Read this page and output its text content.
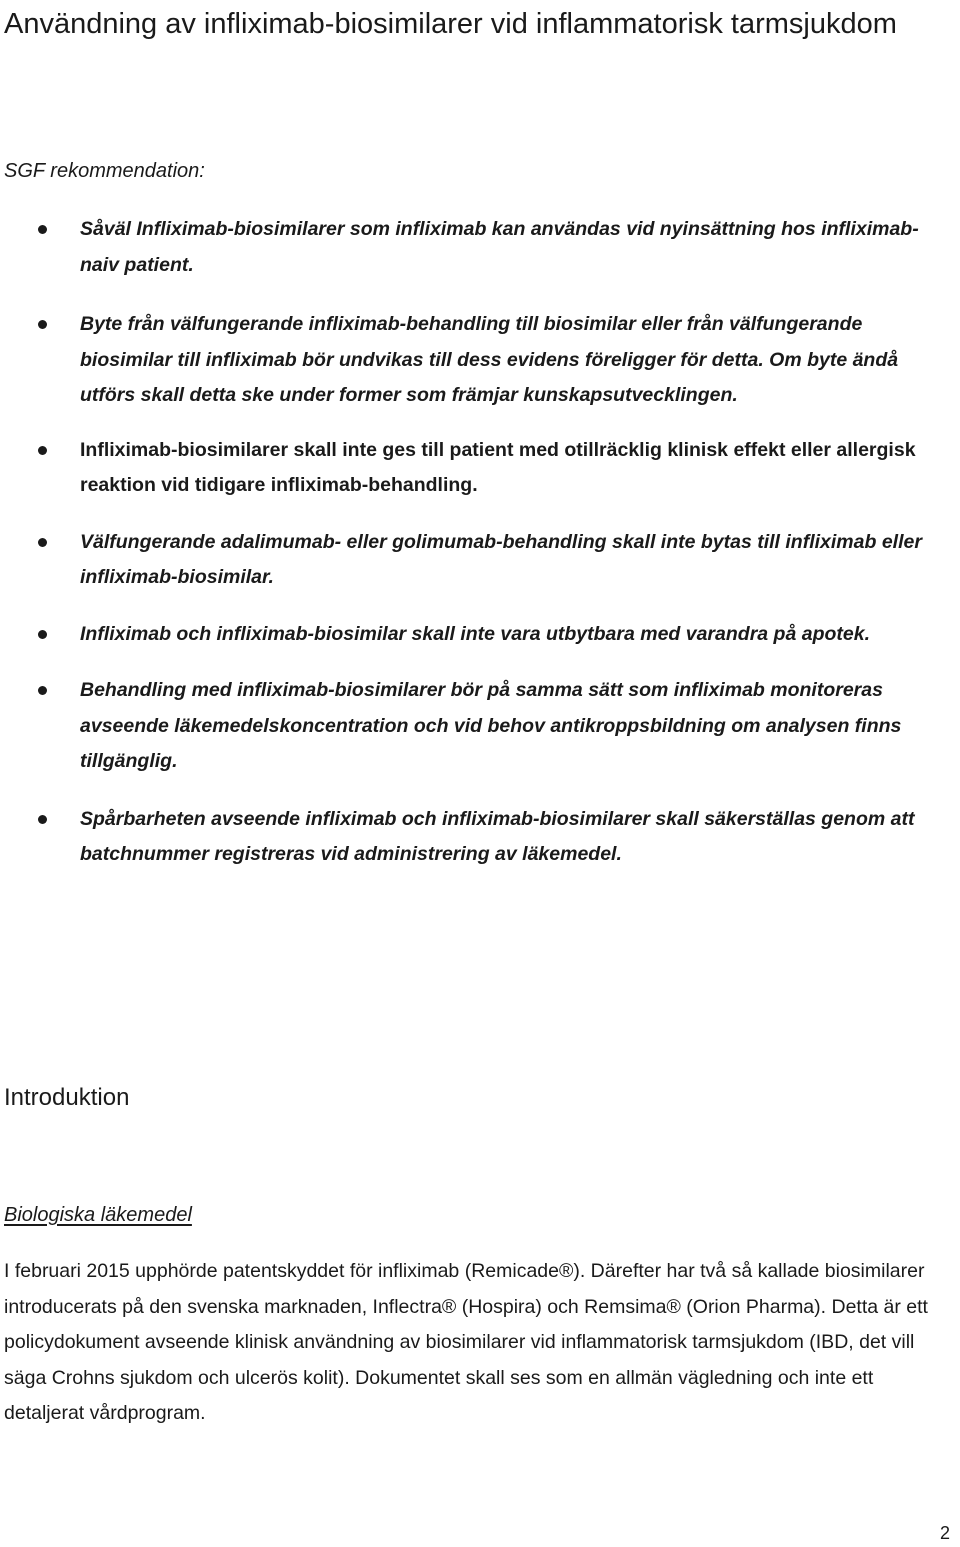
Användning av infliximab-biosimilarer vid inflammatorisk tarmsjukdom

SGF rekommendation:

Såväl Infliximab-biosimilarer som infliximab kan användas vid nyinsättning hos infliximab-naiv patient.
Byte från välfungerande infliximab-behandling till biosimilar eller från välfungerande biosimilar till infliximab bör undvikas till dess evidens föreligger för detta. Om byte ändå utförs skall detta ske under former som främjar kunskapsutvecklingen.
Infliximab-biosimilarer skall inte ges till patient med otillräcklig klinisk effekt eller allergisk reaktion vid tidigare infliximab-behandling.
Välfungerande adalimumab- eller golimumab-behandling skall inte bytas till infliximab eller infliximab-biosimilar.
Infliximab och infliximab-biosimilar skall inte vara utbytbara med varandra på apotek.
Behandling med infliximab-biosimilarer bör på samma sätt som infliximab monitoreras avseende läkemedelskoncentration och vid behov antikroppsbildning om analysen finns tillgänglig.
Spårbarheten avseende infliximab och infliximab-biosimilarer skall säkerställas genom att batchnummer registreras vid administrering av läkemedel.
Introduktion
Biologiska läkemedel

I februari 2015 upphörde patentskyddet för infliximab (Remicade®). Därefter har två så kallade biosimilarer introducerats på den svenska marknaden, Inflectra® (Hospira) och Remsima® (Orion Pharma). Detta är ett policydokument avseende klinisk användning av biosimilarer vid inflammatorisk tarmsjukdom (IBD, det vill säga Crohns sjukdom och ulcerös kolit). Dokumentet skall ses som en allmän vägledning och inte ett detaljerat vårdprogram.

2
